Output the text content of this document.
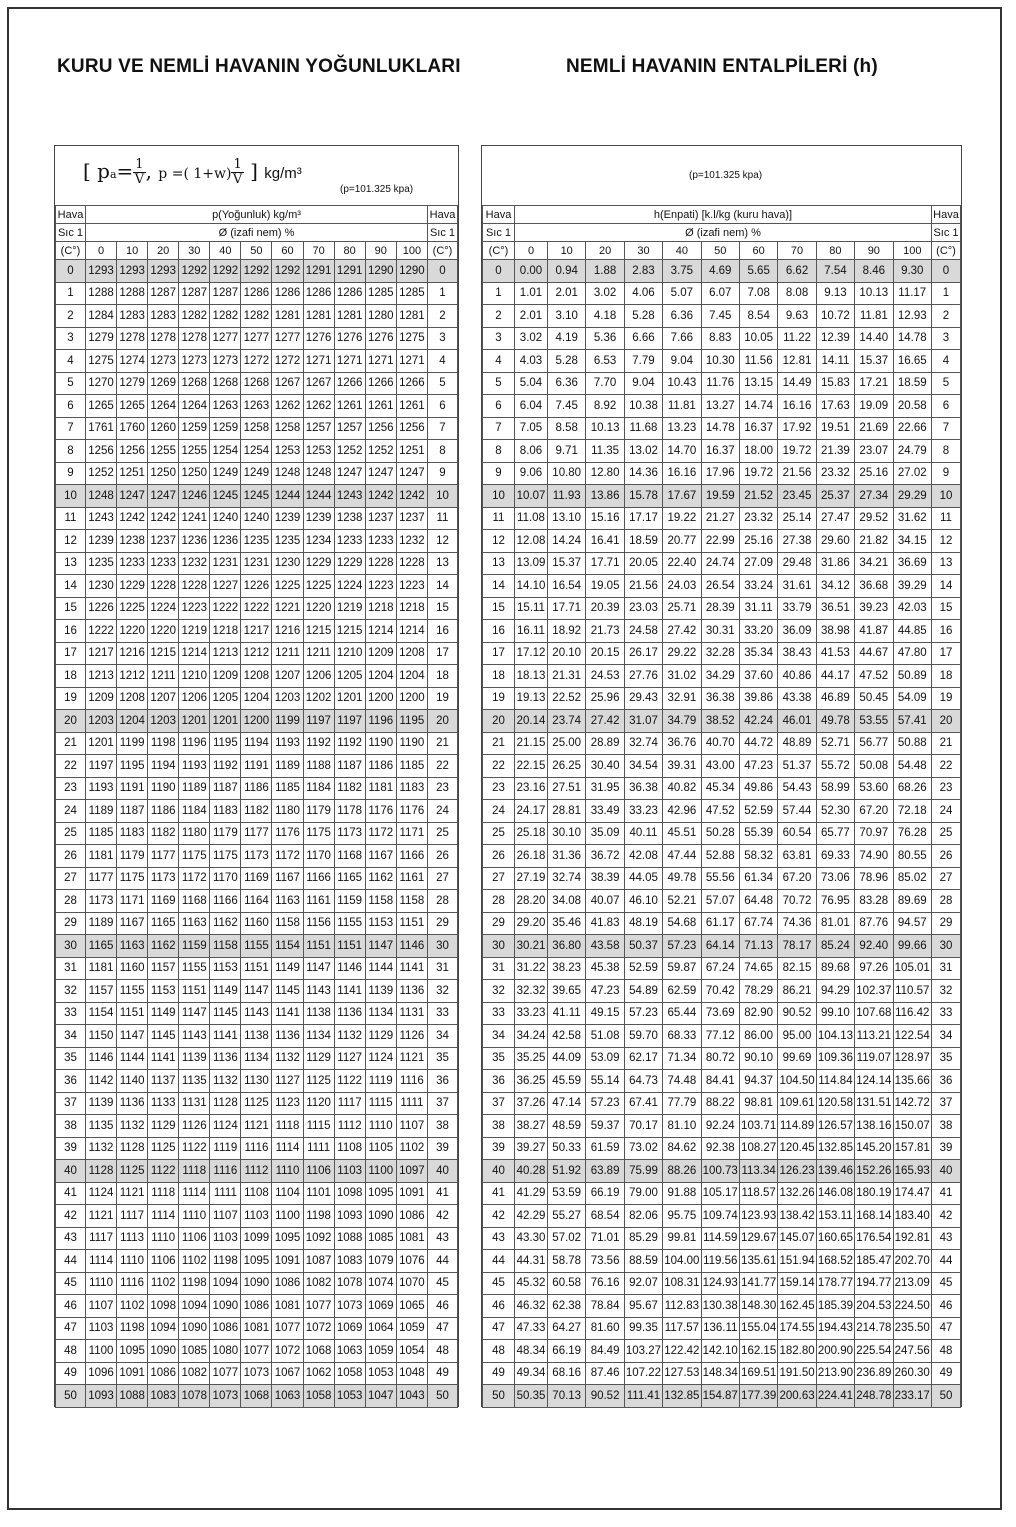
KURU VE NEMLİ HAVANIN YOĞUNLUKLARI	NEMLİ HAVANIN ENTALPİLERİ (h)
[ $pa= \frac{1}{V}$ , p =( $1+w) \frac{1}{V}$ ] kg/m³
(p=101.325 kpa)
Hava	p(Yoğunluk) kg/m³											Hava
Sıc 1	Ø (izafi nem) %											Sıc 1
(C°)	0	10	20	30	40	50	60	70	80	90	100	(C°)
0	1293	1293	1293	1292	1292	1292	1292	1291	1291	1290	1290	0
1	1288	1288	1287	1287	1287	1286	1286	1286	1286	1285	1285	1
2	1284	1283	1283	1282	1282	1282	1281	1281	1281	1280	1281	2
3	1279	1278	1278	1278	1277	1277	1277	1276	1276	1276	1275	3
4	1275	1274	1273	1273	1273	1272	1272	1271	1271	1271	1271	4
5	1270	1279	1269	1268	1268	1268	1267	1267	1266	1266	1266	5
6	1265	1265	1264	1264	1263	1263	1262	1262	1261	1261	1261	6
7	1761	1760	1260	1259	1259	1258	1258	1257	1257	1256	1256	7
8	1256	1256	1255	1255	1254	1254	1253	1253	1252	1252	1251	8
9	1252	1251	1250	1250	1249	1249	1248	1248	1247	1247	1247	9
10	1248	1247	1247	1246	1245	1245	1244	1244	1243	1242	1242	10
11	1243	1242	1242	1241	1240	1240	1239	1239	1238	1237	1237	11
12	1239	1238	1237	1236	1236	1235	1235	1234	1233	1233	1232	12
13	1235	1233	1233	1232	1231	1231	1230	1229	1229	1228	1228	13
14	1230	1229	1228	1228	1227	1226	1225	1225	1224	1223	1223	14
15	1226	1225	1224	1223	1222	1222	1221	1220	1219	1218	1218	15
16	1222	1220	1220	1219	1218	1217	1216	1215	1215	1214	1214	16
17	1217	1216	1215	1214	1213	1212	1211	1211	1210	1209	1208	17
18	1213	1212	1211	1210	1209	1208	1207	1206	1205	1204	1204	18
19	1209	1208	1207	1206	1205	1204	1203	1202	1201	1200	1200	19
20	1203	1204	1203	1201	1201	1200	1199	1197	1197	1196	1195	20
21	1201	1199	1198	1196	1195	1194	1193	1192	1192	1190	1190	21
22	1197	1195	1194	1193	1192	1191	1189	1188	1187	1186	1185	22
23	1193	1191	1190	1189	1187	1186	1185	1184	1182	1181	1183	23
24	1189	1187	1186	1184	1183	1182	1180	1179	1178	1176	1176	24
25	1185	1183	1182	1180	1179	1177	1176	1175	1173	1172	1171	25
26	1181	1179	1177	1175	1175	1173	1172	1170	1168	1167	1166	26
27	1177	1175	1173	1172	1170	1169	1167	1166	1165	1162	1161	27
28	1173	1171	1169	1168	1166	1164	1163	1161	1159	1158	1158	28
29	1189	1167	1165	1163	1162	1160	1158	1156	1155	1153	1151	29
30	1165	1163	1162	1159	1158	1155	1154	1151	1151	1147	1146	30
31	1181	1160	1157	1155	1153	1151	1149	1147	1146	1144	1141	31
32	1157	1155	1153	1151	1149	1147	1145	1143	1141	1139	1136	32
33	1154	1151	1149	1147	1145	1143	1141	1138	1136	1134	1131	33
34	1150	1147	1145	1143	1141	1138	1136	1134	1132	1129	1126	34
35	1146	1144	1141	1139	1136	1134	1132	1129	1127	1124	1121	35
36	1142	1140	1137	1135	1132	1130	1127	1125	1122	1119	1116	36
37	1139	1136	1133	1131	1128	1125	1123	1120	1117	1115	1111	37
38	1135	1132	1129	1126	1124	1121	1118	1115	1112	1110	1107	38
39	1132	1128	1125	1122	1119	1116	1114	1111	1108	1105	1102	39
40	1128	1125	1122	1118	1116	1112	1110	1106	1103	1100	1097	40
41	1124	1121	1118	1114	1111	1108	1104	1101	1098	1095	1091	41
42	1121	1117	1114	1110	1107	1103	1100	1198	1093	1090	1086	42
43	1117	1113	1110	1106	1103	1099	1095	1092	1088	1085	1081	43
44	1114	1110	1106	1102	1198	1095	1091	1087	1083	1079	1076	44
45	1110	1116	1102	1198	1094	1090	1086	1082	1078	1074	1070	45
46	1107	1102	1098	1094	1090	1086	1081	1077	1073	1069	1065	46
47	1103	1198	1094	1090	1086	1081	1077	1072	1069	1064	1059	47
48	1100	1095	1090	1085	1080	1077	1072	1068	1063	1059	1054	48
49	1096	1091	1086	1082	1077	1073	1067	1062	1058	1053	1048	49
50	1093	1088	1083	1078	1073	1068	1063	1058	1053	1047	1043	50
(p=101.325 kpa)
Hava	h(Enpati) [k.l/kg (kuru hava)]											Hava
Sıc 1	Ø (izafi nem) %											Sıc 1
(C°)	0	10	20	30	40	50	60	70	80	90	100	(C°)
0	0.00	0.94	1.88	2.83	3.75	4.69	5.65	6.62	7.54	8.46	9.30	0
1	1.01	2.01	3.02	4.06	5.07	6.07	7.08	8.08	9.13	10.13	11.17	1
2	2.01	3.10	4.18	5.28	6.36	7.45	8.54	9.63	10.72	11.81	12.93	2
3	3.02	4.19	5.36	6.66	7.66	8.83	10.05	11.22	12.39	14.40	14.78	3
4	4.03	5.28	6.53	7.79	9.04	10.30	11.56	12.81	14.11	15.37	16.65	4
5	5.04	6.36	7.70	9.04	10.43	11.76	13.15	14.49	15.83	17.21	18.59	5
6	6.04	7.45	8.92	10.38	11.81	13.27	14.74	16.16	17.63	19.09	20.58	6
7	7.05	8.58	10.13	11.68	13.23	14.78	16.37	17.92	19.51	21.69	22.66	7
8	8.06	9.71	11.35	13.02	14.70	16.37	18.00	19.72	21.39	23.07	24.79	8
9	9.06	10.80	12.80	14.36	16.16	17.96	19.72	21.56	23.32	25.16	27.02	9
10	10.07	11.93	13.86	15.78	17.67	19.59	21.52	23.45	25.37	27.34	29.29	10
11	11.08	13.10	15.16	17.17	19.22	21.27	23.32	25.14	27.47	29.52	31.62	11
12	12.08	14.24	16.41	18.59	20.77	22.99	25.16	27.38	29.60	21.82	34.15	12
13	13.09	15.37	17.71	20.05	22.40	24.74	27.09	29.48	31.86	34.21	36.69	13
14	14.10	16.54	19.05	21.56	24.03	26.54	33.24	31.61	34.12	36.68	39.29	14
15	15.11	17.71	20.39	23.03	25.71	28.39	31.11	33.79	36.51	39.23	42.03	15
16	16.11	18.92	21.73	24.58	27.42	30.31	33.20	36.09	38.98	41.87	44.85	16
17	17.12	20.10	20.15	26.17	29.22	32.28	35.34	38.43	41.53	44.67	47.80	17
18	18.13	21.31	24.53	27.76	31.02	34.29	37.60	40.86	44.17	47.52	50.89	18
19	19.13	22.52	25.96	29.43	32.91	36.38	39.86	43.38	46.89	50.45	54.09	19
20	20.14	23.74	27.42	31.07	34.79	38.52	42.24	46.01	49.78	53.55	57.41	20
21	21.15	25.00	28.89	32.74	36.76	40.70	44.72	48.89	52.71	56.77	50.88	21
22	22.15	26.25	30.40	34.54	39.31	43.00	47.23	51.37	55.72	50.08	54.48	22
23	23.16	27.51	31.95	36.38	40.82	45.34	49.86	54.43	58.99	53.60	68.26	23
24	24.17	28.81	33.49	33.23	42.96	47.52	52.59	57.44	52.30	67.20	72.18	24
25	25.18	30.10	35.09	40.11	45.51	50.28	55.39	60.54	65.77	70.97	76.28	25
26	26.18	31.36	36.72	42.08	47.44	52.88	58.32	63.81	69.33	74.90	80.55	26
27	27.19	32.74	38.39	44.05	49.78	55.56	61.34	67.20	73.06	78.96	85.02	27
28	28.20	34.08	40.07	46.10	52.21	57.07	64.48	70.72	76.95	83.28	89.69	28
29	29.20	35.46	41.83	48.19	54.68	61.17	67.74	74.36	81.01	87.76	94.57	29
30	30.21	36.80	43.58	50.37	57.23	64.14	71.13	78.17	85.24	92.40	99.66	30
31	31.22	38.23	45.38	52.59	59.87	67.24	74.65	82.15	89.68	97.26	105.01	31
32	32.32	39.65	47.23	54.89	62.59	70.42	78.29	86.21	94.29	102.37	110.57	32
33	33.23	41.11	49.15	57.23	65.44	73.69	82.90	90.52	99.10	107.68	116.42	33
34	34.24	42.58	51.08	59.70	68.33	77.12	86.00	95.00	104.13	113.21	122.54	34
35	35.25	44.09	53.09	62.17	71.34	80.72	90.10	99.69	109.36	119.07	128.97	35
36	36.25	45.59	55.14	64.73	74.48	84.41	94.37	104.50	114.84	124.14	135.66	36
37	37.26	47.14	57.23	67.41	77.79	88.22	98.81	109.61	120.58	131.51	142.72	37
38	38.27	48.59	59.37	70.17	81.10	92.24	103.71	114.89	126.57	138.16	150.07	38
39	39.27	50.33	61.59	73.02	84.62	92.38	108.27	120.45	132.85	145.20	157.81	39
40	40.28	51.92	63.89	75.99	88.26	100.73	113.34	126.23	139.46	152.26	165.93	40
41	41.29	53.59	66.19	79.00	91.88	105.17	118.57	132.26	146.08	180.19	174.47	41
42	42.29	55.27	68.54	82.06	95.75	109.74	123.93	138.42	153.11	168.14	183.40	42
43	43.30	57.02	71.01	85.29	99.81	114.59	129.67	145.07	160.65	176.54	192.81	43
44	44.31	58.78	73.56	88.59	104.00	119.56	135.61	151.94	168.52	185.47	202.70	44
45	45.32	60.58	76.16	92.07	108.31	124.93	141.77	159.14	178.77	194.77	213.09	45
46	46.32	62.38	78.84	95.67	112.83	130.38	148.30	162.45	185.39	204.53	224.50	46
47	47.33	64.27	81.60	99.35	117.57	136.11	155.04	174.55	194.43	214.78	235.50	47
48	48.34	66.19	84.49	103.27	122.42	142.10	162.15	182.80	200.90	225.54	247.56	48
49	49.34	68.16	87.46	107.22	127.53	148.34	169.51	191.50	213.90	236.89	260.30	49
50	50.35	70.13	90.52	111.41	132.85	154.87	177.39	200.63	224.41	248.78	233.17	50
